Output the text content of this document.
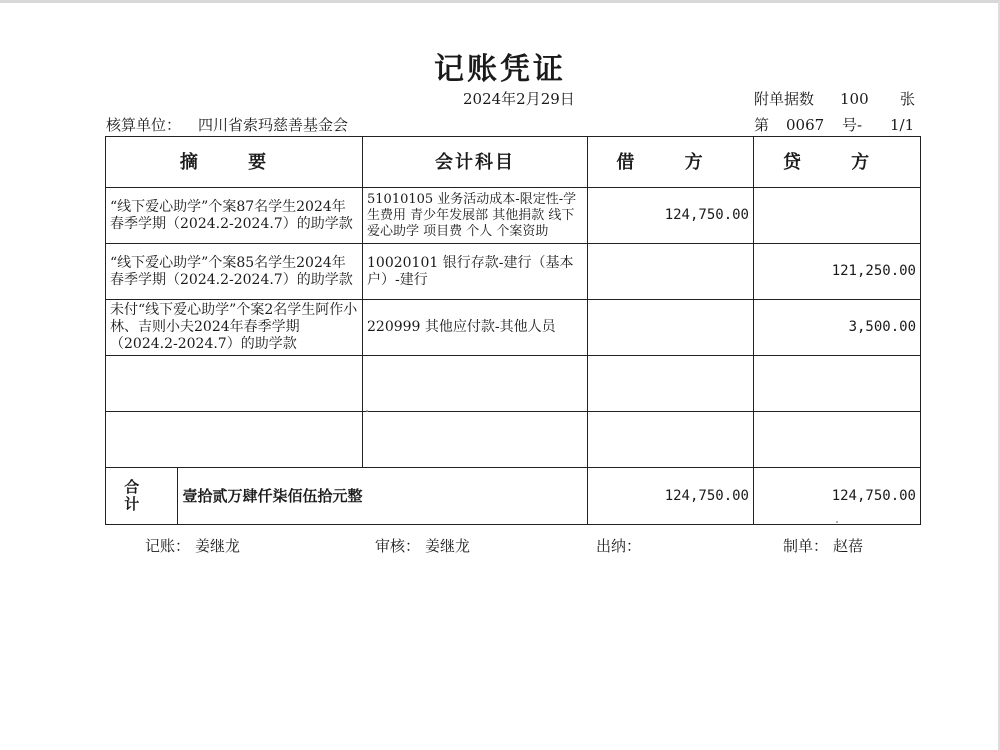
记账凭证
2024年2月29日	附单据数 100 张
核算单位： 四川省索玛慈善基金会	第 0067 号- 1/1
摘 要	会计科目	借 方	贷 方
“线下爱心助学”个案87名学生2024年春季学期（2024.2-2024.7）的助学款	51010105 业务活动成本-限定性-学生费用 青少年发展部 其他捐款 线下爱心助学 项目费 个人 个案资助	124,750.00	
“线下爱心助学”个案85名学生2024年春季学期（2024.2-2024.7）的助学款	10020101 银行存款-建行（基本户）-建行		121,250.00
未付“线下爱心助学”个案2名学生阿作小林、吉则小夫2024年春季学期（2024.2-2024.7）的助学款	220999 其他应付款-其他人员		3,500.00

合 计 壹拾贰万肆仟柒佰伍拾元整		124,750.00	124,750.00
记账： 姜继龙	审核： 姜继龙	出纳：	制单： 赵蓓
